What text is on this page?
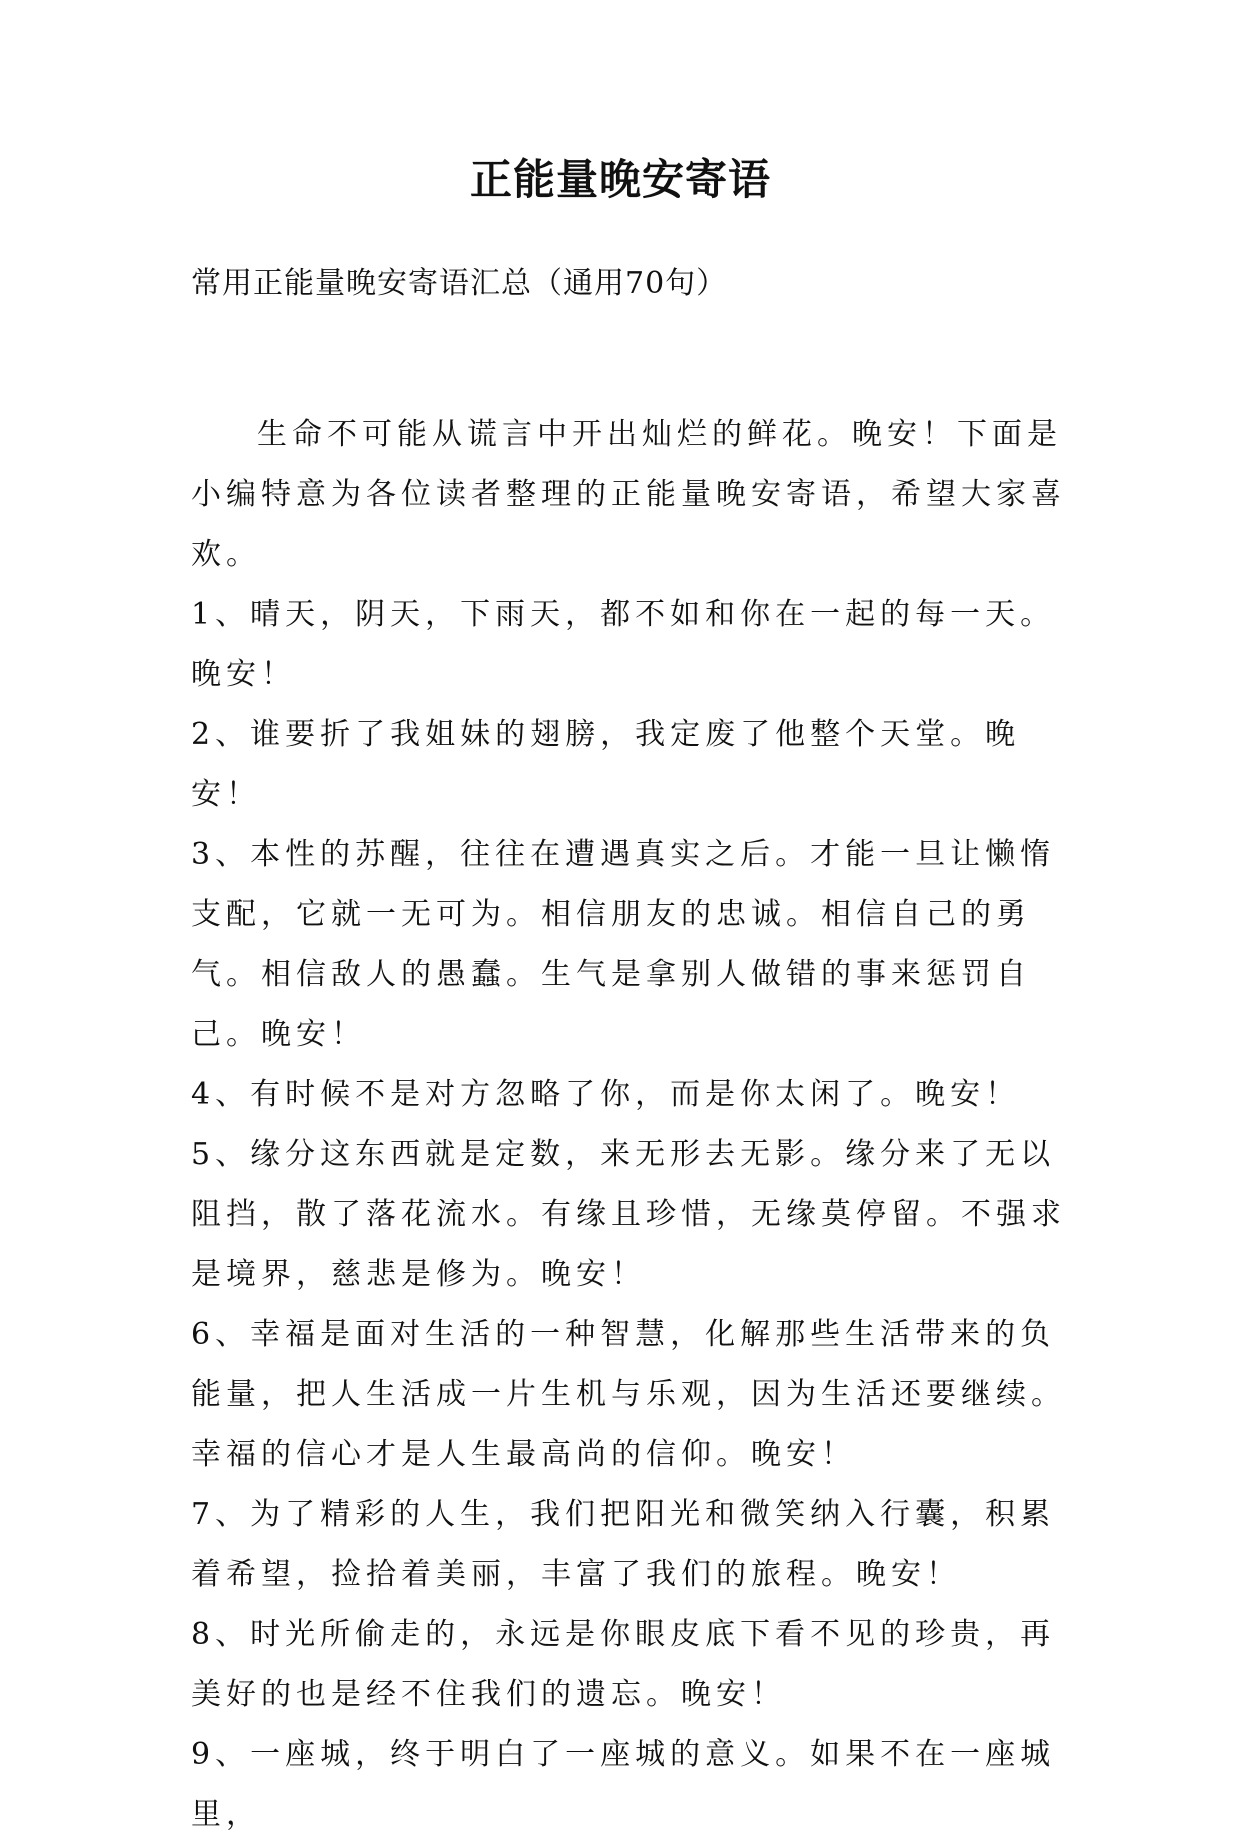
正能量晚安寄语
常用正能量晚安寄语汇总（通用70句）

生命不可能从谎言中开出灿烂的鲜花。晚安！下面是小编特意为各位读者整理的正能量晚安寄语，希望大家喜欢。

1、晴天，阴天，下雨天，都不如和你在一起的每一天。晚安！

2、谁要折了我姐妹的翅膀，我定废了他整个天堂。晚安！

3、本性的苏醒，往往在遭遇真实之后。才能一旦让懒惰支配，它就一无可为。相信朋友的忠诚。相信自己的勇气。相信敌人的愚蠢。生气是拿别人做错的事来惩罚自己。晚安！

4、有时候不是对方忽略了你，而是你太闲了。晚安！

5、缘分这东西就是定数，来无形去无影。缘分来了无以阻挡，散了落花流水。有缘且珍惜，无缘莫停留。不强求是境界，慈悲是修为。晚安！

6、幸福是面对生活的一种智慧，化解那些生活带来的负能量，把人生活成一片生机与乐观，因为生活还要继续。幸福的信心才是人生最高尚的信仰。晚安！

7、为了精彩的人生，我们把阳光和微笑纳入行囊，积累着希望，捡拾着美丽，丰富了我们的旅程。晚安！

8、时光所偷走的，永远是你眼皮底下看不见的珍贵，再美好的也是经不住我们的遗忘。晚安！

9、一座城，终于明白了一座城的意义。如果不在一座城里，
